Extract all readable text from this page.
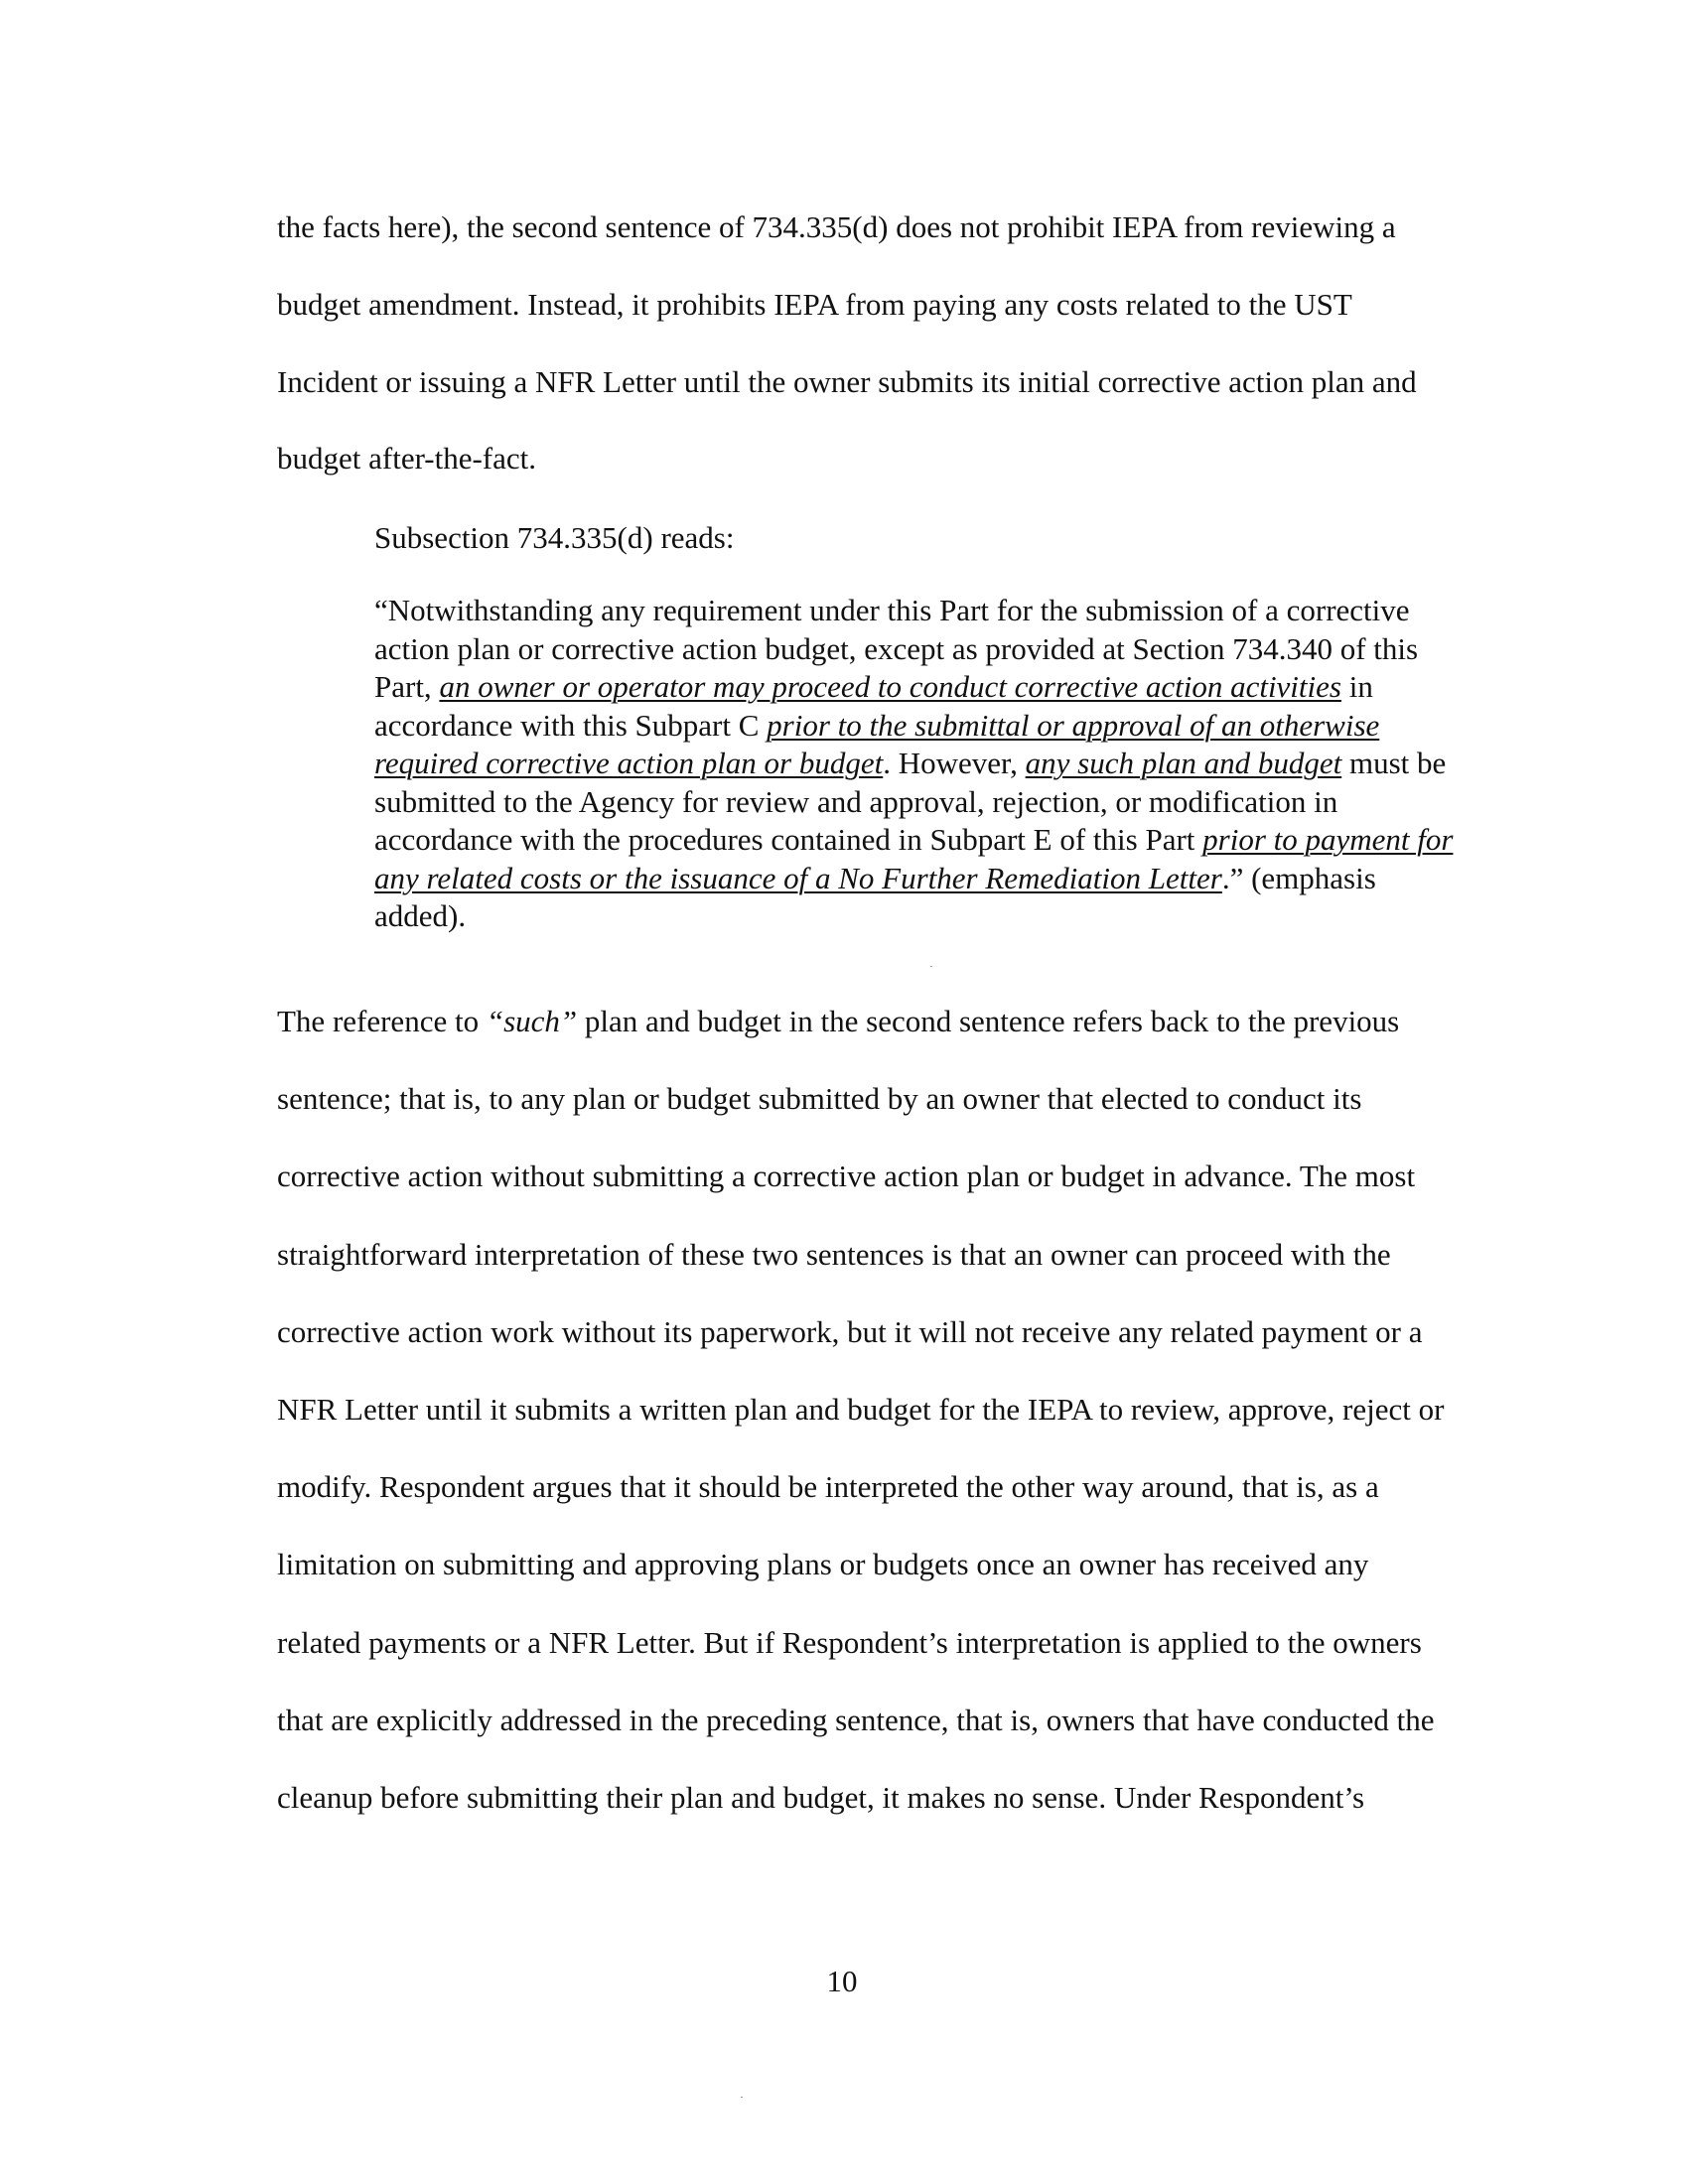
the facts here), the second sentence of 734.335(d) does not prohibit IEPA from reviewing a budget amendment. Instead, it prohibits IEPA from paying any costs related to the UST Incident or issuing a NFR Letter until the owner submits its initial corrective action plan and budget after-the-fact.

Subsection 734.335(d) reads:

“Notwithstanding any requirement under this Part for the submission of a corrective action plan or corrective action budget, except as provided at Section 734.340 of this Part, an owner or operator may proceed to conduct corrective action activities in accordance with this Subpart C prior to the submittal or approval of an otherwise required corrective action plan or budget. However, any such plan and budget must be submitted to the Agency for review and approval, rejection, or modification in accordance with the procedures contained in Subpart E of this Part prior to payment for any related costs or the issuance of a No Further Remediation Letter.” (emphasis added).

The reference to “such” plan and budget in the second sentence refers back to the previous sentence; that is, to any plan or budget submitted by an owner that elected to conduct its corrective action without submitting a corrective action plan or budget in advance. The most straightforward interpretation of these two sentences is that an owner can proceed with the corrective action work without its paperwork, but it will not receive any related payment or a NFR Letter until it submits a written plan and budget for the IEPA to review, approve, reject or modify. Respondent argues that it should be interpreted the other way around, that is, as a limitation on submitting and approving plans or budgets once an owner has received any related payments or a NFR Letter. But if Respondent’s interpretation is applied to the owners that are explicitly addressed in the preceding sentence, that is, owners that have conducted the cleanup before submitting their plan and budget, it makes no sense. Under Respondent’s

10
